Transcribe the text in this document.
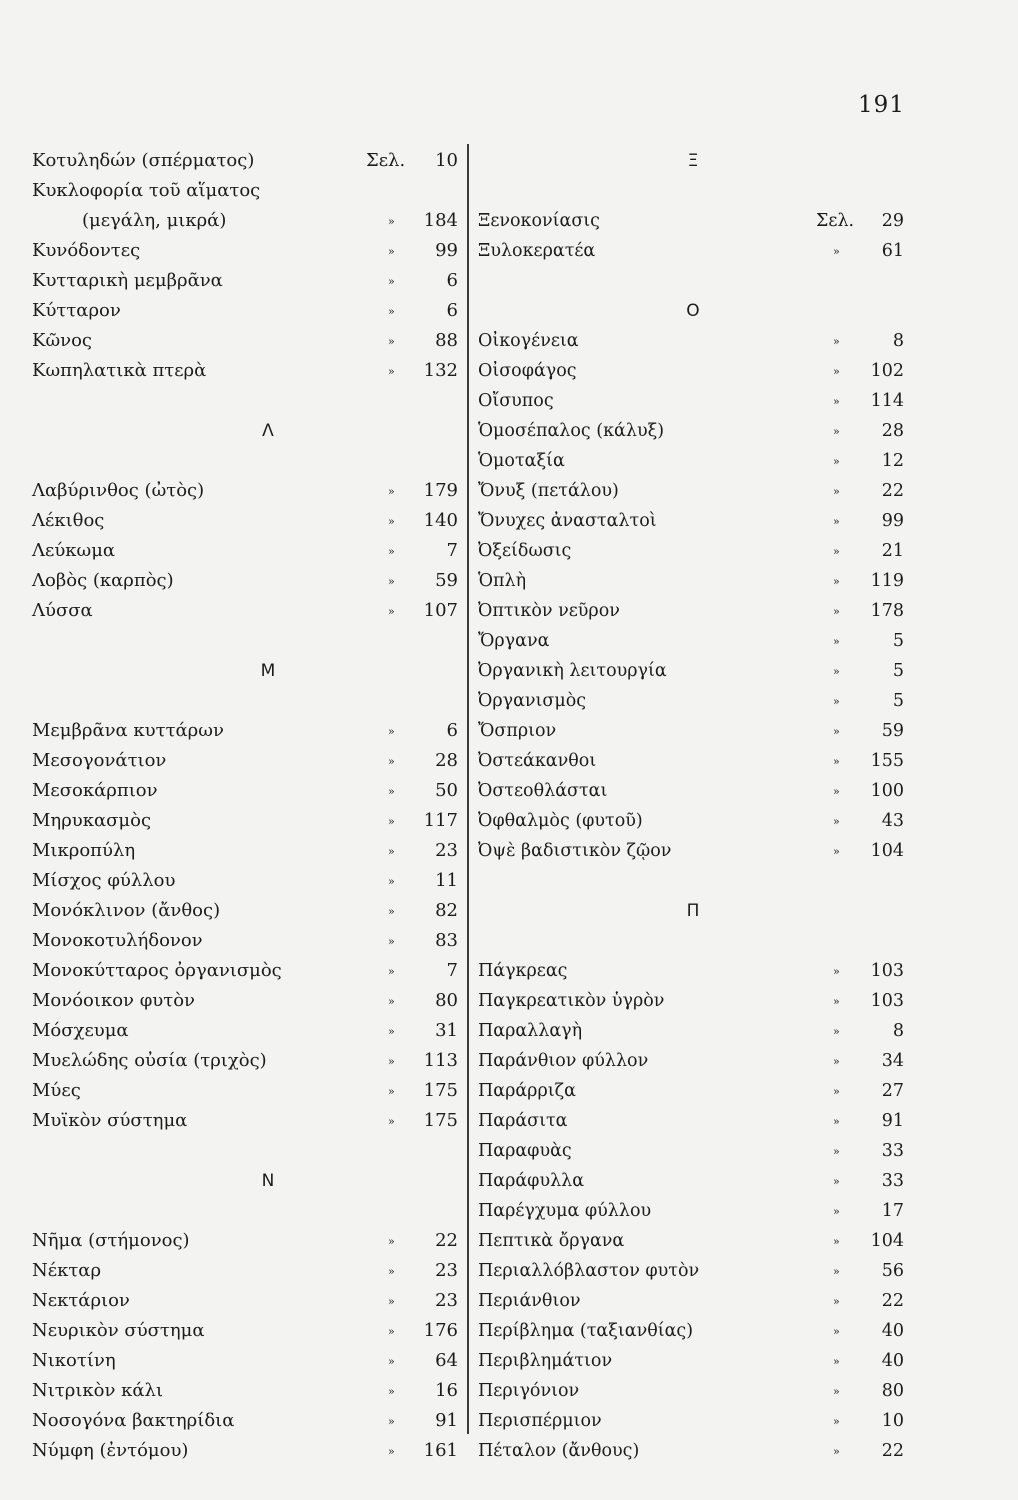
191
Κοτυληδών (σπέρματος)	Σελ. 10
Κυκλοφορία τοῦ αἵματος
(μεγάλη, μικρά)	» 184
Κυνόδοντες	» 99
Κυτταρικὴ μεμβρᾶνα	»	6
Κύτταρον	»	6
Κῶνος	» 88
Κωπηλατικὰ πτερὰ	» 132
Λ
Λαβύρινθος (ὠτὸς)	» 179
Λέκιθος	» 140
Λεύκωμα	»	7
Λοβὸς (καρπὸς)	» 59
Λύσσα	» 107
Μ
Μεμβρᾶνα κυττάρων	»	6
Μεσογονάτιον	» 28
Μεσοκάρπιον	» 50
Μηρυκασμὸς	» 117
Μικροπύλη	» 23
Μίσχος φύλλου	» 11
Μονόκλινον (ἄνθος)	» 82
Μονοκοτυλήδονον	» 83
Μονοκύτταρος ὀργανισμὸς	»	7
Μονόοικον φυτὸν	» 80
Μόσχευμα	» 31
Μυελώδης οὐσία (τριχὸς)	» 113
Μύες	» 175
Μυϊκὸν σύστημα	» 175
Ν
Νῆμα (στήμονος)	» 22
Νέκταρ	» 23
Νεκτάριον	» 23
Νευρικὸν σύστημα	» 176
Νικοτίνη	» 64
Νιτρικὸν κάλι	» 16
Νοσογόνα βακτηρίδια	» 91
Νύμφη (ἐντόμου)	» 161
Ξ
Ξενοκονίασις	Σελ. 29
Ξυλοκερατέα	» 61
Ο
Οἰκογένεια	»	8
Οἰσοφάγος	» 102
Οἴσυπος	» 114
Ὁμοσέπαλος (κάλυξ)	» 28
Ὁμοταξία	» 12
Ὄνυξ (πετάλου)	» 22
Ὄνυχες ἀνασταλτοὶ	» 99
Ὀξείδωσις	» 21
Ὁπλὴ	» 119
Ὀπτικὸν νεῦρον	» 178
Ὄργανα	»	5
Ὀργανικὴ λειτουργία	»	5
Ὀργανισμὸς	»	5
Ὄσπριον	» 59
Ὀστεάκανθοι	» 155
Ὀστεοθλάσται	» 100
Ὀφθαλμὸς (φυτοῦ)	» 43
Ὀψὲ βαδιστικὸν ζῷον	» 104
Π
Πάγκρεας	» 103
Παγκρεατικὸν ὑγρὸν	» 103
Παραλλαγὴ	»	8
Παράνθιον φύλλον	» 34
Παράρριζα	» 27
Παράσιτα	» 91
Παραφυὰς	» 33
Παράφυλλα	» 33
Παρέγχυμα φύλλου	» 17
Πεπτικὰ ὄργανα	» 104
Περιαλλόβλαστον φυτὸν	» 56
Περιάνθιον	» 22
Περίβλημα (ταξιανθίας)	» 40
Περιβλημάτιον	» 40
Περιγόνιον	» 80
Περισπέρμιον	» 10
Πέταλον (ἄνθους)	» 22
